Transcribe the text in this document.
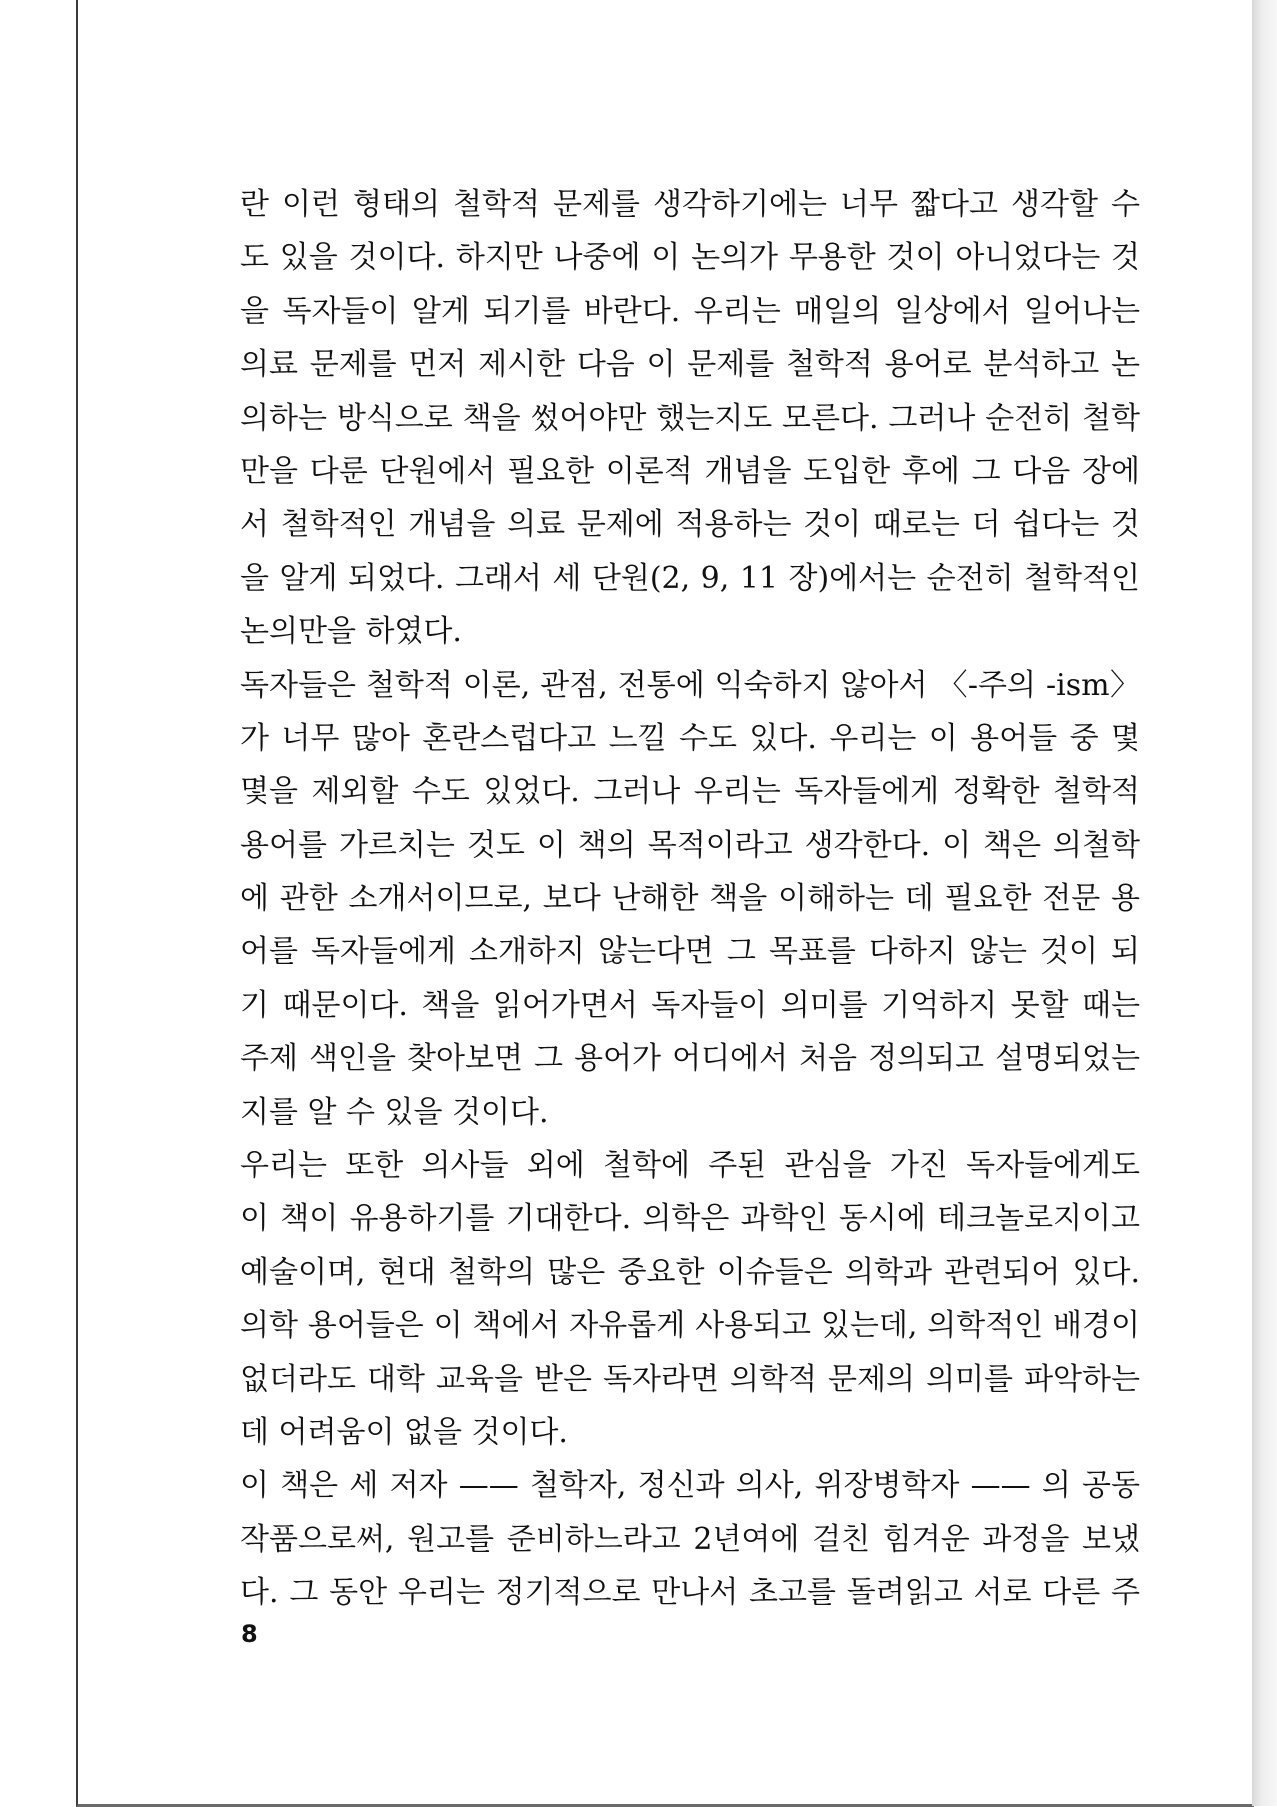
란 이런 형태의 철학적 문제를 생각하기에는 너무 짧다고 생각할 수
도 있을 것이다. 하지만 나중에 이 논의가 무용한 것이 아니었다는 것
을 독자들이 알게 되기를 바란다. 우리는 매일의 일상에서 일어나는
의료 문제를 먼저 제시한 다음 이 문제를 철학적 용어로 분석하고 논
의하는 방식으로 책을 썼어야만 했는지도 모른다. 그러나 순전히 철학
만을 다룬 단원에서 필요한 이론적 개념을 도입한 후에 그 다음 장에
서 철학적인 개념을 의료 문제에 적용하는 것이 때로는 더 쉽다는 것
을 알게 되었다. 그래서 세 단원(2, 9, 11 장)에서는 순전히 철학적인
논의만을 하였다.
독자들은 철학적 이론, 관점, 전통에 익숙하지 않아서 〈-주의 -ism〉
가 너무 많아 혼란스럽다고 느낄 수도 있다. 우리는 이 용어들 중 몇
몇을 제외할 수도 있었다. 그러나 우리는 독자들에게 정확한 철학적
용어를 가르치는 것도 이 책의 목적이라고 생각한다. 이 책은 의철학
에 관한 소개서이므로, 보다 난해한 책을 이해하는 데 필요한 전문 용
어를 독자들에게 소개하지 않는다면 그 목표를 다하지 않는 것이 되
기 때문이다. 책을 읽어가면서 독자들이 의미를 기억하지 못할 때는
주제 색인을 찾아보면 그 용어가 어디에서 처음 정의되고 설명되었는
지를 알 수 있을 것이다.
우리는 또한 의사들 외에 철학에 주된 관심을 가진 독자들에게도
이 책이 유용하기를 기대한다. 의학은 과학인 동시에 테크놀로지이고
예술이며, 현대 철학의 많은 중요한 이슈들은 의학과 관련되어 있다.
의학 용어들은 이 책에서 자유롭게 사용되고 있는데, 의학적인 배경이
없더라도 대학 교육을 받은 독자라면 의학적 문제의 의미를 파악하는
데 어려움이 없을 것이다.
이 책은 세 저자 —— 철학자, 정신과 의사, 위장병학자 —— 의 공동
작품으로써, 원고를 준비하느라고 2년여에 걸친 힘겨운 과정을 보냈
다. 그 동안 우리는 정기적으로 만나서 초고를 돌려읽고 서로 다른 주
8
